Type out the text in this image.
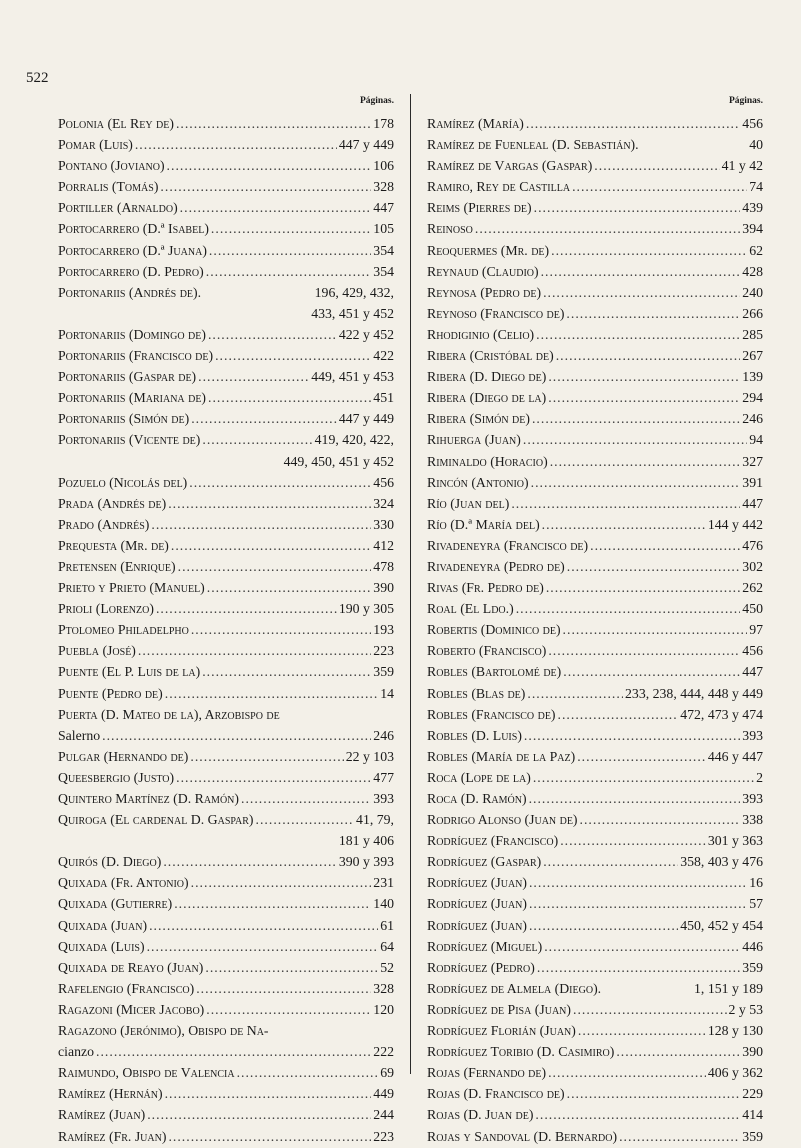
522
Páginas.
Polonia (El Rey de) .....	178
Pomar (Luis) .....	447 y 449
Pontano (Joviano) .....	106
Porralis (Tomás) .....	328
Portiller (Arnaldo) .....	447
Portocarrero (D.ª Isabel) .....	105
Portocarrero (D.ª Juana) .....	354
Portocarrero (D. Pedro) .....	354
Portonariis (Andrés de).	196, 429, 432,
433, 451 y 452
Portonariis (Domingo de) .....	422 y 452
Portonariis (Francisco de) .....	422
Portonariis (Gaspar de) .....	449, 451 y 453
Portonariis (Mariana de) .....	451
Portonariis (Simón de) .....	447 y 449
Portonariis (Vicente de) .....	419, 420, 422,
449, 450, 451 y 452
Pozuelo (Nicolás del) .....	456
Prada (Andrés de) .....	324
Prado (Andrés) .....	330
Prequesta (Mr. de) .....	412
Pretensen (Enrique) .....	478
Prieto y Prieto (Manuel) .....	390
Prioli (Lorenzo) .....	190 y 305
Ptolomeo Philadelpho .....	193
Puebla (José) .....	223
Puente (El P. Luis de la) .....	359
Puente (Pedro de) .....	14
Puerta (D. Mateo de la), Arzobispo de
Salerno .....	246
Pulgar (Hernando de) .....	22 y 103
Queesbergio (Justo) .....	477
Quintero Martínez (D. Ramón) .....	393
Quiroga (El cardenal D. Gaspar) .....	41, 79,
181 y 406
Quirós (D. Diego) .....	390 y 393
Quixada (Fr. Antonio) .....	231
Quixada (Gutierre) .....	140
Quixada (Juan) .....	61
Quixada (Luis) .....	64
Quixada de Reayo (Juan) .....	52
Rafelengio (Francisco) .....	328
Ragazoni (Micer Jacobo) .....	120
Ragazono (Jerónimo), Obispo de Na-
cianzo .....	222
Raimundo, Obispo de Valencia .....	69
Ramírez (Hernán) .....	449
Ramírez (Juan) .....	244
Ramírez (Fr. Juan) .....	223
Páginas.
Ramírez (María) .....	456
Ramírez de Fuenleal (D. Sebastián).	40
Ramírez de Vargas (Gaspar) .....	41 y 42
Ramiro, Rey de Castilla .....	74
Reims (Pierres de) .....	439
Reinoso .....	394
Reoquermes (Mr. de) .....	62
Reynaud (Claudio) .....	428
Reynosa (Pedro de) .....	240
Reynoso (Francisco de) .....	266
Rhodiginio (Celio) .....	285
Ribera (Cristóbal de) .....	267
Ribera (D. Diego de) .....	139
Ribera (Diego de la) .....	294
Ribera (Simón de) .....	246
Rihuerga (Juan) .....	94
Riminaldo (Horacio) .....	327
Rincón (Antonio) .....	391
Río (Juan del) .....	447
Río (D.ª María del) .....	144 y 442
Rivadeneyra (Francisco de) .....	476
Rivadeneyra (Pedro de) .....	302
Rivas (Fr. Pedro de) .....	262
Roal (El Ldo.) .....	450
Robertis (Dominico de) .....	97
Roberto (Francisco) .....	456
Robles (Bartolomé de) .....	447
Robles (Blas de) .....	233, 238, 444, 448 y 449
Robles (Francisco de) .....	472, 473 y 474
Robles (D. Luis) .....	393
Robles (María de la Paz) .....	446 y 447
Roca (Lope de la) .....	2
Roca (D. Ramón) .....	393
Rodrigo Alonso (Juan de) .....	338
Rodríguez (Francisco) .....	301 y 363
Rodríguez (Gaspar) .....	358, 403 y 476
Rodríguez (Juan) .....	16
Rodríguez (Juan) .....	57
Rodríguez (Juan) .....	450, 452 y 454
Rodríguez (Miguel) .....	446
Rodríguez (Pedro) .....	359
Rodríguez de Almela (Diego).	1, 151 y 189
Rodríguez de Pisa (Juan) .....	2 y 53
Rodríguez Florián (Juan) .....	128 y 130
Rodríguez Toribio (D. Casimiro) .....	390
Rojas (Fernando de) .....	406 y 362
Rojas (D. Francisco de) .....	229
Rojas (D. Juan de) .....	414
Rojas y Sandoval (D. Bernardo) .....	359
